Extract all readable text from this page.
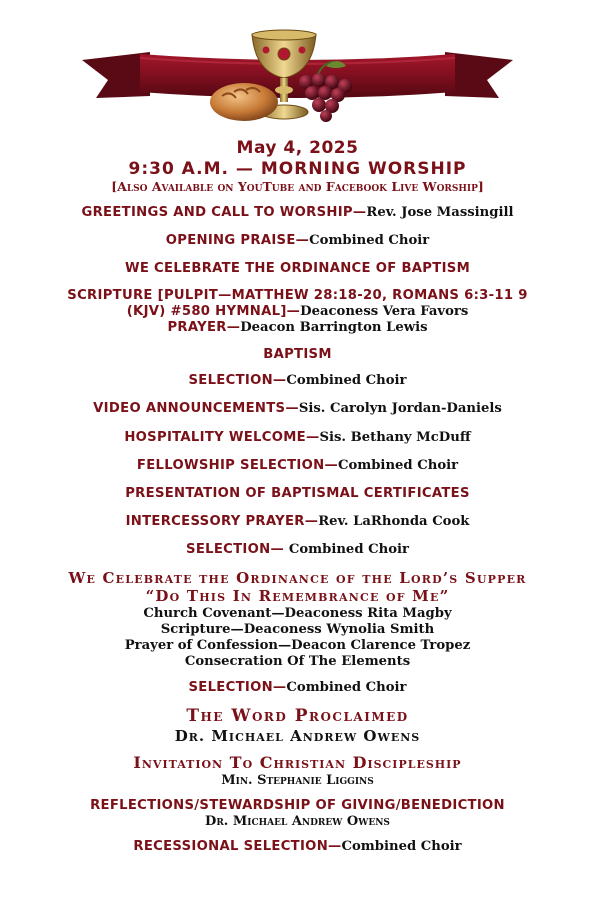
May 4, 2025
9:30 A.M. — MORNING WORSHIP
[Also Available on YouTube and Facebook Live Worship]
GREETINGS AND CALL TO WORSHIP—Rev. Jose Massingill
OPENING PRAISE—Combined Choir
WE CELEBRATE THE ORDINANCE OF BAPTISM
SCRIPTURE [PULPIT—MATTHEW 28:18-20, ROMANS 6:3-11 9
(KJV) #580 HYMNAL]—Deaconess Vera Favors
PRAYER—Deacon Barrington Lewis
BAPTISM
SELECTION—Combined Choir
VIDEO ANNOUNCEMENTS—Sis. Carolyn Jordan-Daniels
HOSPITALITY WELCOME—Sis. Bethany McDuff
FELLOWSHIP SELECTION—Combined Choir
PRESENTATION OF BAPTISMAL CERTIFICATES
INTERCESSORY PRAYER—Rev. LaRhonda Cook
SELECTION— Combined Choir
We Celebrate the Ordinance of the Lord’s Supper
“Do This In Remembrance of Me”
Church Covenant—Deaconess Rita Magby
Scripture—Deaconess Wynolia Smith
Prayer of Confession—Deacon Clarence Tropez
Consecration Of The Elements
SELECTION—Combined Choir
The Word Proclaimed
Dr. Michael Andrew Owens
Invitation To Christian Discipleship
Min. Stephanie Liggins
REFLECTIONS/STEWARDSHIP OF GIVING/BENEDICTION
Dr. Michael Andrew Owens
RECESSIONAL SELECTION—Combined Choir
